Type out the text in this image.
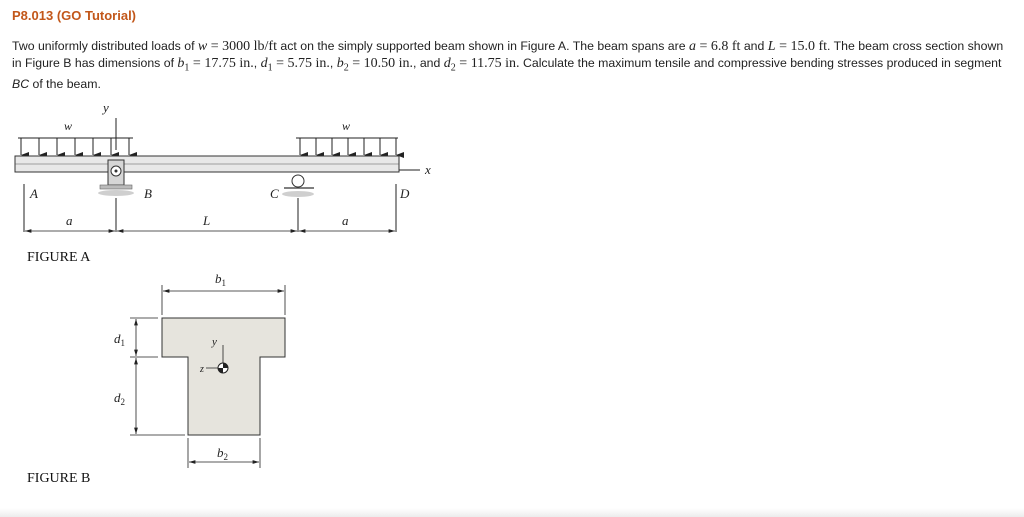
P8.013 (GO Tutorial)
Two uniformly distributed loads of w = 3000 lb/ft act on the simply supported beam shown in Figure A. The beam spans are a = 6.8 ft and L = 15.0 ft. The beam cross section shown in Figure B has dimensions of $b_1 = 17.75$ in., $d_1 = 5.75$ in., $b_2 = 10.50$ in., and $d_2 = 11.75$ in. Calculate the maximum tensile and compressive bending stresses produced in segment BC of the beam.
y
w	w
x
A	B	C	D
a	L	a
$b_1$
$d_1$
$d_2$
$b_2$
y
z
FIGURE A
FIGURE B
